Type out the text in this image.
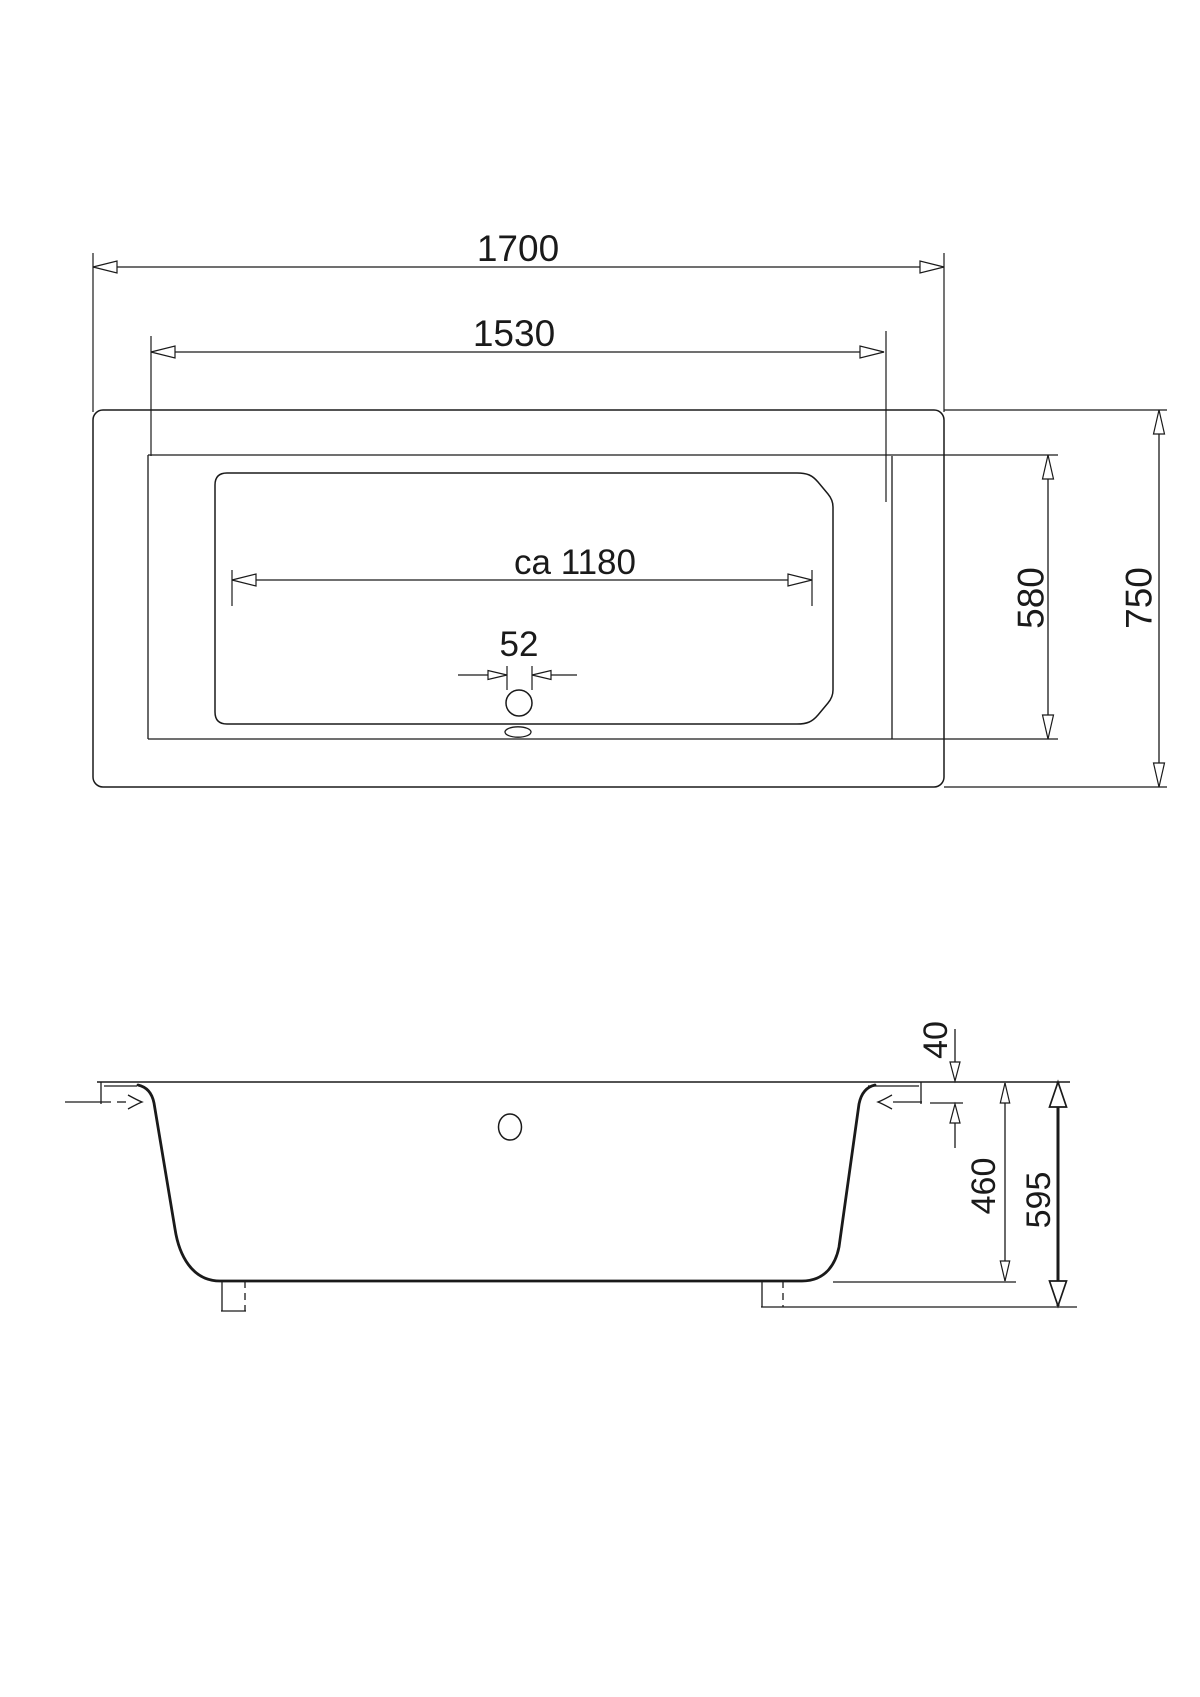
1700
1530
ca 1180
52
580 750
40
460 595
